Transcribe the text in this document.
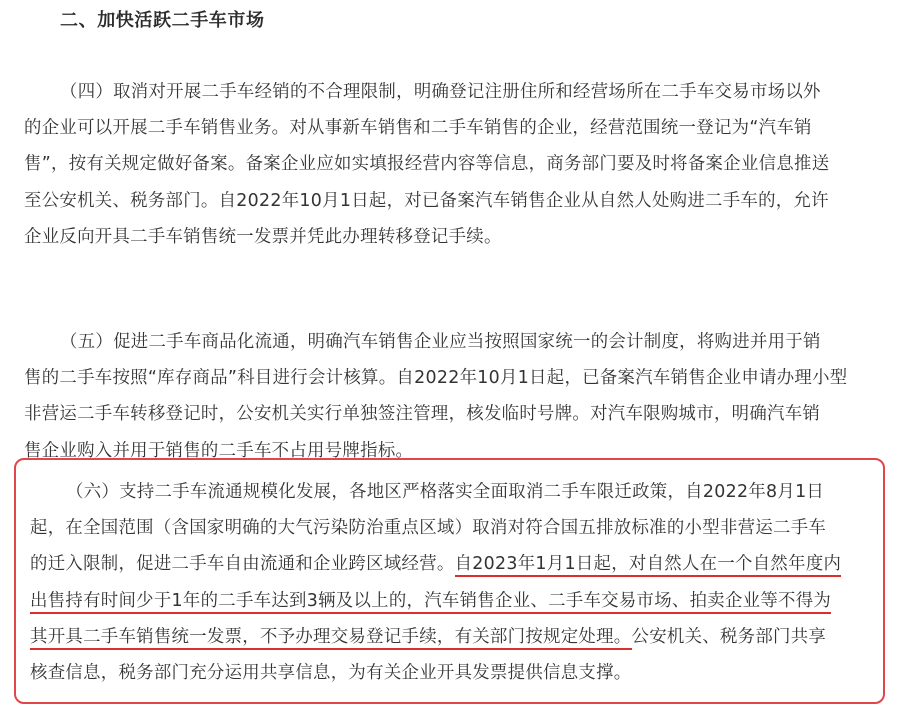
二、加快活跃二手车市场
（四）取消对开展二手车经销的不合理限制，明确登记注册住所和经营场所在二手车交易市场以外
的企业可以开展二手车销售业务。对从事新车销售和二手车销售的企业，经营范围统一登记为“汽车销
售”，按有关规定做好备案。备案企业应如实填报经营内容等信息，商务部门要及时将备案企业信息推送
至公安机关、税务部门。自2022年10月1日起，对已备案汽车销售企业从自然人处购进二手车的，允许
企业反向开具二手车销售统一发票并凭此办理转移登记手续。
（五）促进二手车商品化流通，明确汽车销售企业应当按照国家统一的会计制度，将购进并用于销
售的二手车按照“库存商品”科目进行会计核算。自2022年10月1日起，已备案汽车销售企业申请办理小型
非营运二手车转移登记时，公安机关实行单独签注管理，核发临时号牌。对汽车限购城市，明确汽车销
售企业购入并用于销售的二手车不占用号牌指标。
（六）支持二手车流通规模化发展，各地区严格落实全面取消二手车限迁政策，自2022年8月1日
起，在全国范围（含国家明确的大气污染防治重点区域）取消对符合国五排放标准的小型非营运二手车
的迁入限制，促进二手车自由流通和企业跨区域经营。自2023年1月1日起，对自然人在一个自然年度内
出售持有时间少于1年的二手车达到3辆及以上的，汽车销售企业、二手车交易市场、拍卖企业等不得为
其开具二手车销售统一发票，不予办理交易登记手续，有关部门按规定处理。公安机关、税务部门共享
核查信息，税务部门充分运用共享信息，为有关企业开具发票提供信息支撑。
